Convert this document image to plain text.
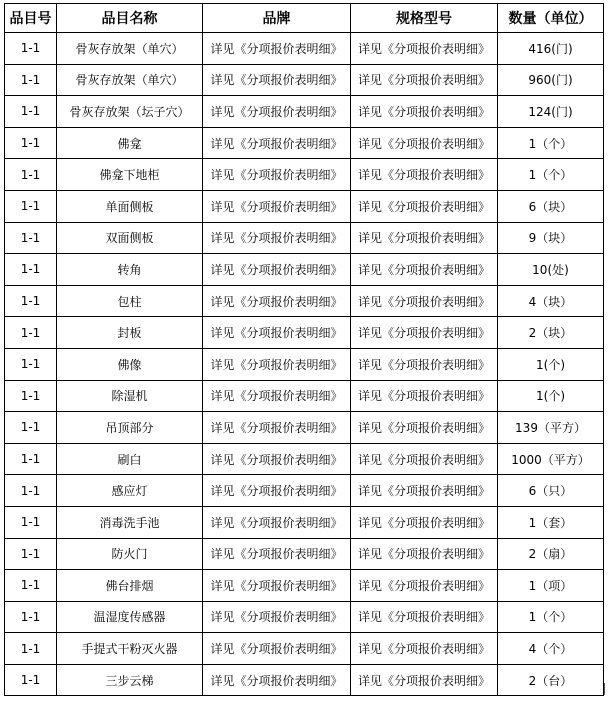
品目号	品目名称	品牌	规格型号	数量（单位）
1-1	骨灰存放架（单穴）	详见《分项报价表明细》	详见《分项报价表明细》	416(门)
1-1	骨灰存放架（单穴）	详见《分项报价表明细》	详见《分项报价表明细》	960(门)
1-1	骨灰存放架（坛子穴）	详见《分项报价表明细》	详见《分项报价表明细》	124(门)
1-1	佛龛	详见《分项报价表明细》	详见《分项报价表明细》	1（个）
1-1	佛龛下地柜	详见《分项报价表明细》	详见《分项报价表明细》	1（个）
1-1	单面侧板	详见《分项报价表明细》	详见《分项报价表明细》	6（块）
1-1	双面侧板	详见《分项报价表明细》	详见《分项报价表明细》	9（块）
1-1	转角	详见《分项报价表明细》	详见《分项报价表明细》	10(处)
1-1	包柱	详见《分项报价表明细》	详见《分项报价表明细》	4（块）
1-1	封板	详见《分项报价表明细》	详见《分项报价表明细》	2（块）
1-1	佛像	详见《分项报价表明细》	详见《分项报价表明细》	1(个)
1-1	除湿机	详见《分项报价表明细》	详见《分项报价表明细》	1(个)
1-1	吊顶部分	详见《分项报价表明细》	详见《分项报价表明细》	139（平方）
1-1	刷白	详见《分项报价表明细》	详见《分项报价表明细》	1000（平方）
1-1	感应灯	详见《分项报价表明细》	详见《分项报价表明细》	6（只）
1-1	消毒洗手池	详见《分项报价表明细》	详见《分项报价表明细》	1（套）
1-1	防火门	详见《分项报价表明细》	详见《分项报价表明细》	2（扇）
1-1	佛台排烟	详见《分项报价表明细》	详见《分项报价表明细》	1（项）
1-1	温湿度传感器	详见《分项报价表明细》	详见《分项报价表明细》	1（个）
1-1	手提式干粉灭火器	详见《分项报价表明细》	详见《分项报价表明细》	4（个）
1-1	三步云梯	详见《分项报价表明细》	详见《分项报价表明细》	2（台）
